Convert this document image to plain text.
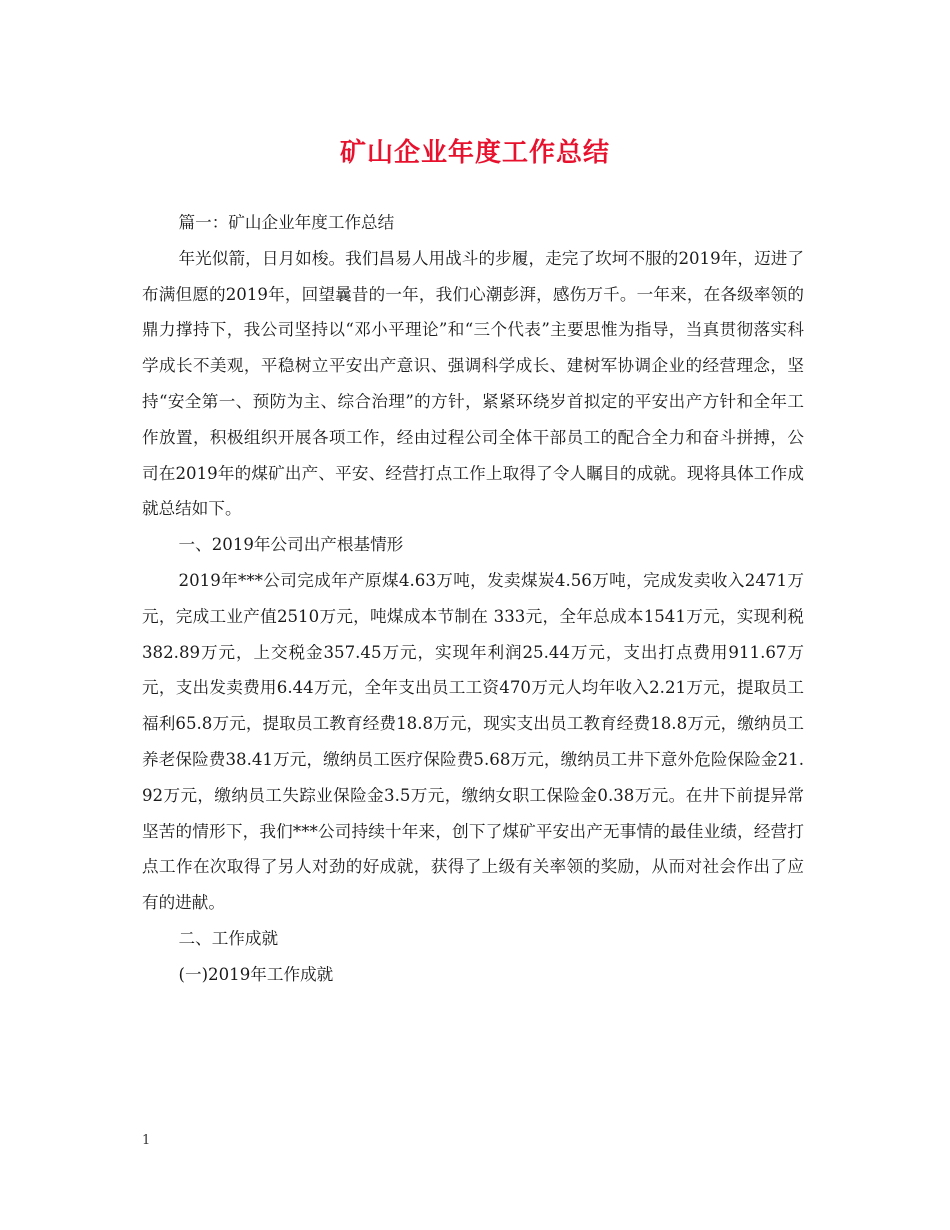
矿山企业年度工作总结

篇一：矿山企业年度工作总结

年光似箭，日月如梭。我们昌易人用战斗的步履，走完了坎坷不服的2019年，迈进了布满但愿的2019年，回望曩昔的一年，我们心潮彭湃，感伤万千。一年来，在各级率领的鼎力撑持下，我公司坚持以“邓小平理论”和“三个代表”主要思惟为指导，当真贯彻落实科学成长不美观，平稳树立平安出产意识、强调科学成长、建树军协调企业的经营理念，坚持“安全第一、预防为主、综合治理”的方针，紧紧环绕岁首拟定的平安出产方针和全年工作放置，积极组织开展各项工作，经由过程公司全体干部员工的配合全力和奋斗拼搏，公司在2019年的煤矿出产、平安、经营打点工作上取得了令人瞩目的成就。现将具体工作成就总结如下。

一、2019年公司出产根基情形

2019年***公司完成年产原煤4.63万吨，发卖煤炭4.56万吨，完成发卖收入2471万元，完成工业产值2510万元，吨煤成本节制在 333元，全年总成本1541万元，实现利税382.89万元，上交税金357.45万元，实现年利润25.44万元，支出打点费用911.67万元，支出发卖费用6.44万元，全年支出员工工资470万元人均年收入2.21万元，提取员工福利65.8万元，提取员工教育经费18.8万元，现实支出员工教育经费18.8万元，缴纳员工养老保险费38.41万元，缴纳员工医疗保险费5.68万元，缴纳员工井下意外危险保险金21.92万元，缴纳员工失踪业保险金3.5万元，缴纳女职工保险金0.38万元。在井下前提异常坚苦的情形下，我们***公司持续十年来，创下了煤矿平安出产无事情的最佳业绩，经营打点工作在次取得了另人对劲的好成就，获得了上级有关率领的奖励，从而对社会作出了应有的进献。

二、工作成就

(一)2019年工作成就

1
